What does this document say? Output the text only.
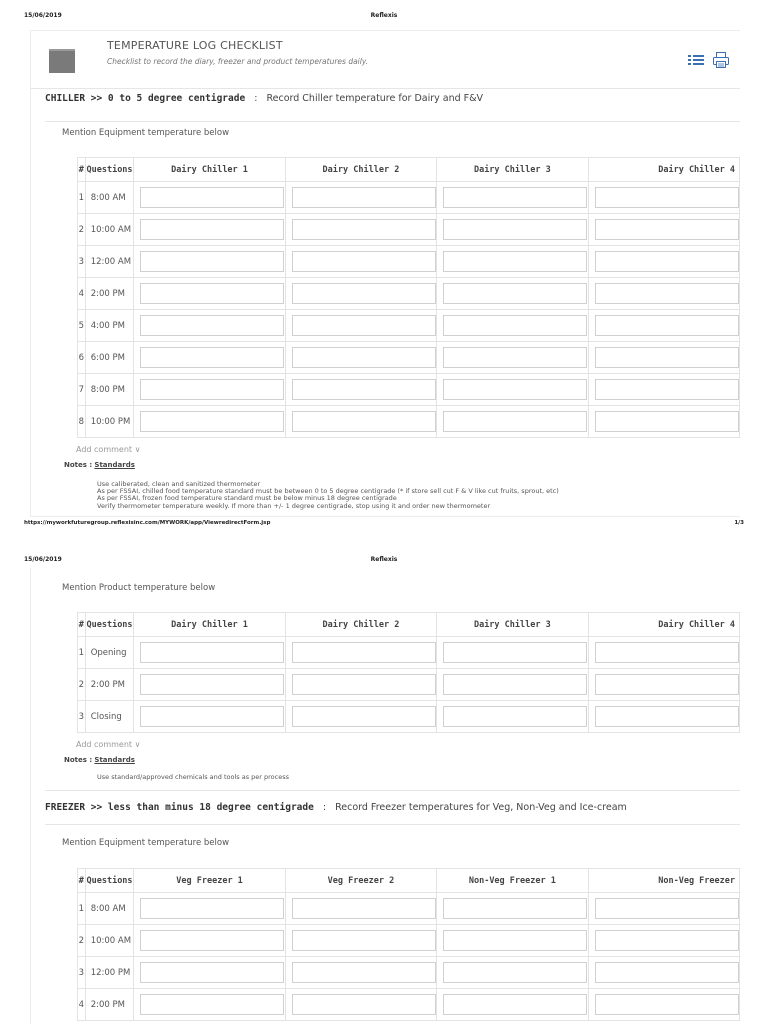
15/06/2019	Reflexis
TEMPERATURE LOG CHECKLIST
Checklist to record the diary, freezer and product temperatures daily.
CHILLER >> 0 to 5 degree centigrade : Record Chiller temperature for Dairy and F&V
Mention Equipment temperature below
#	Questions	Dairy Chiller 1	Dairy Chiller 2	Dairy Chiller 3	Dairy Chiller 4
1	8:00 AM	

2	10:00 AM	

3	12:00 AM	

4	2:00 PM	

5	4:00 PM	

6	6:00 PM	

7	8:00 PM	

8	10:00 PM	

Add comment ∨
Notes : Standards
Use caliberated, clean and sanitized thermometer
As per FSSAI, chilled food temperature standard must be between 0 to 5 degree centigrade (* if store sell cut F & V like cut fruits, sprout, etc)
As per FSSAI, frozen food temperature standard must be below minus 18 degree centigrade
Verify thermometer temperature weekly. If more than +/- 1 degree centigrade, stop using it and order new thermometer
https://myworkfuturegroup.reflexisinc.com/MYWORK/app/ViewredirectForm.jsp	1/3
15/06/2019	Reflexis
Mention Product temperature below
#	Questions	Dairy Chiller 1	Dairy Chiller 2	Dairy Chiller 3	Dairy Chiller 4
1	Opening	

2	2:00 PM	

3	Closing	

Add comment ∨
Notes : Standards
Use standard/approved chemicals and tools as per process
FREEZER >> less than minus 18 degree centigrade : Record Freezer temperatures for Veg, Non-Veg and Ice-cream
Mention Equipment temperature below
#	Questions	Veg Freezer 1	Veg Freezer 2	Non-Veg Freezer 1	Non-Veg Freezer
1	8:00 AM	

2	10:00 AM	

3	12:00 PM	

4	2:00 PM	
